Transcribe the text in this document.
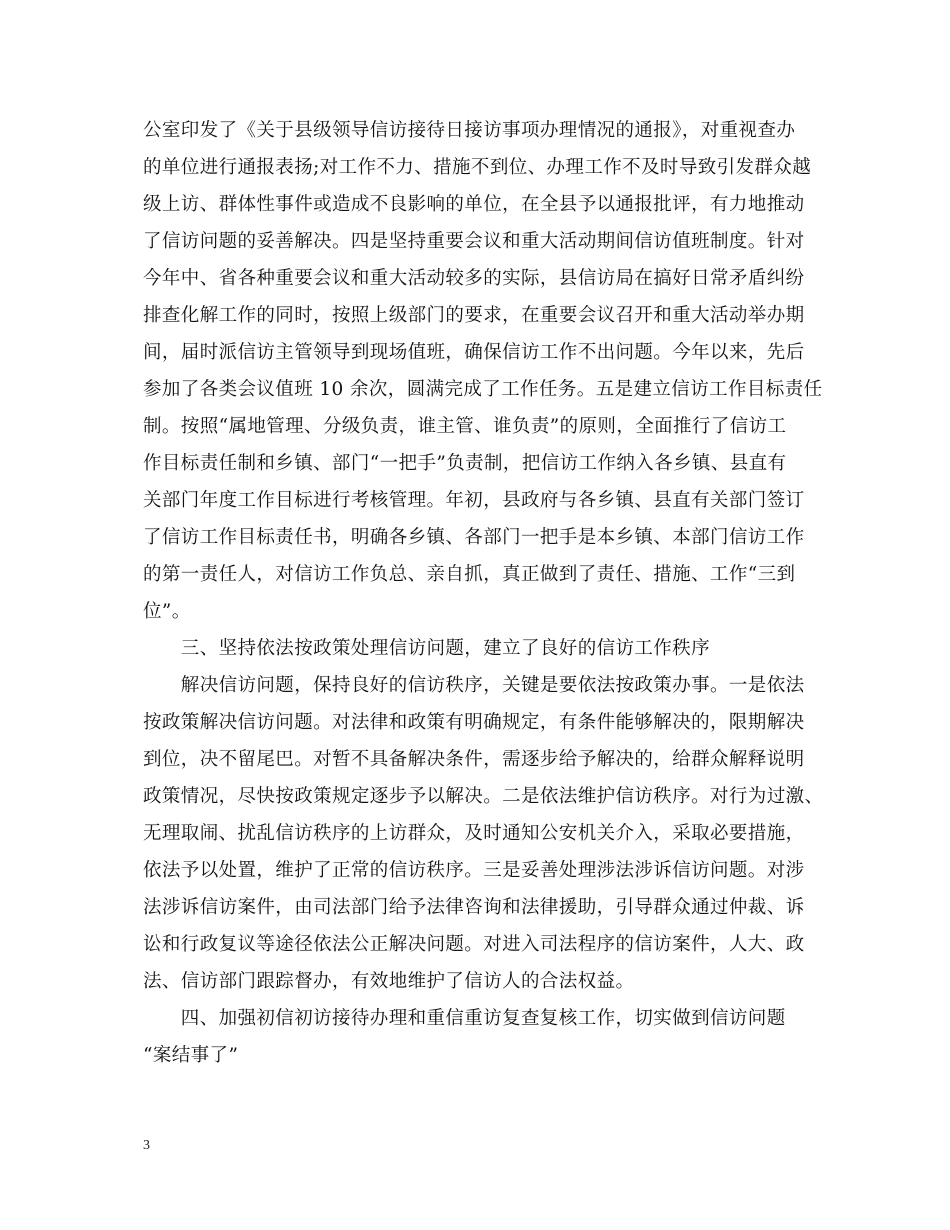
公室印发了《关于县级领导信访接待日接访事项办理情况的通报》，对重视查办
的单位进行通报表扬;对工作不力、措施不到位、办理工作不及时导致引发群众越
级上访、群体性事件或造成不良影响的单位，在全县予以通报批评，有力地推动
了信访问题的妥善解决。四是坚持重要会议和重大活动期间信访值班制度。针对
今年中、省各种重要会议和重大活动较多的实际，县信访局在搞好日常矛盾纠纷
排查化解工作的同时，按照上级部门的要求，在重要会议召开和重大活动举办期
间，届时派信访主管领导到现场值班，确保信访工作不出问题。今年以来，先后
参加了各类会议值班 10 余次，圆满完成了工作任务。五是建立信访工作目标责任
制。按照“属地管理、分级负责，谁主管、谁负责”的原则，全面推行了信访工
作目标责任制和乡镇、部门“一把手”负责制，把信访工作纳入各乡镇、县直有
关部门年度工作目标进行考核管理。年初，县政府与各乡镇、县直有关部门签订
了信访工作目标责任书，明确各乡镇、各部门一把手是本乡镇、本部门信访工作
的第一责任人，对信访工作负总、亲自抓，真正做到了责任、措施、工作“三到
位”。
　　三、坚持依法按政策处理信访问题，建立了良好的信访工作秩序
　　解决信访问题，保持良好的信访秩序，关键是要依法按政策办事。一是依法
按政策解决信访问题。对法律和政策有明确规定，有条件能够解决的，限期解决
到位，决不留尾巴。对暂不具备解决条件，需逐步给予解决的，给群众解释说明
政策情况，尽快按政策规定逐步予以解决。二是依法维护信访秩序。对行为过激、
无理取闹、扰乱信访秩序的上访群众，及时通知公安机关介入，采取必要措施，
依法予以处置，维护了正常的信访秩序。三是妥善处理涉法涉诉信访问题。对涉
法涉诉信访案件，由司法部门给予法律咨询和法律援助，引导群众通过仲裁、诉
讼和行政复议等途径依法公正解决问题。对进入司法程序的信访案件，人大、政
法、信访部门跟踪督办，有效地维护了信访人的合法权益。
　　四、加强初信初访接待办理和重信重访复查复核工作，切实做到信访问题
“案结事了”
3
